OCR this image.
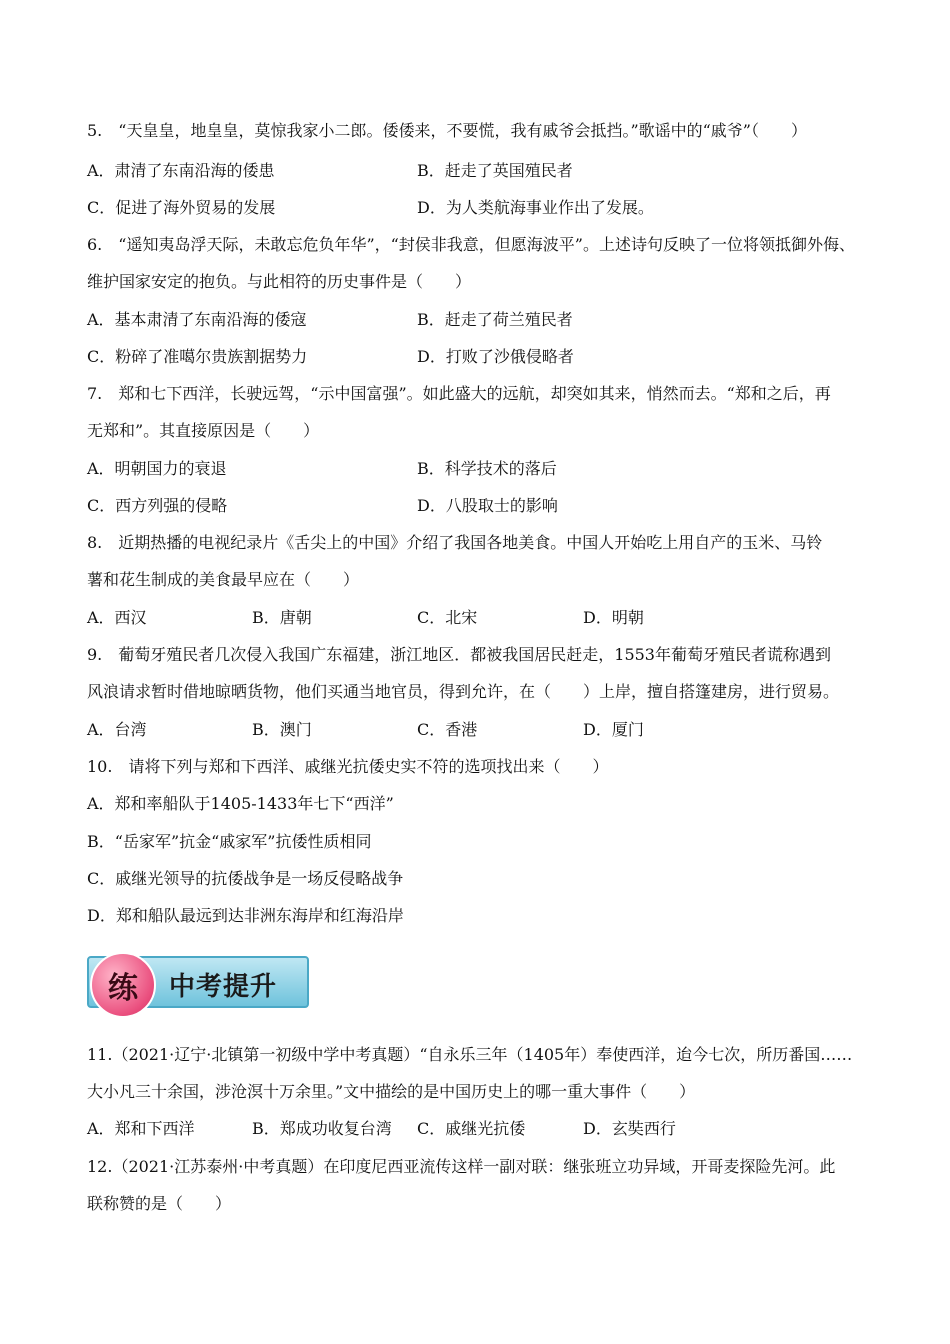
5.　“天皇皇，地皇皇，莫惊我家小二郎。倭倭来，不要慌，我有戚爷会抵挡。”歌谣中的“戚爷”（　　）
A．肃清了东南沿海的倭患	B．赶走了英国殖民者
C．促进了海外贸易的发展	D．为人类航海事业作出了发展。
6.　“遥知夷岛浮天际，未敢忘危负年华”，“封侯非我意，但愿海波平”。上述诗句反映了一位将领抵御外侮、
维护国家安定的抱负。与此相符的历史事件是（　　）
A．基本肃清了东南沿海的倭寇	B．赶走了荷兰殖民者
C．粉碎了准噶尔贵族割据势力	D．打败了沙俄侵略者
7.　郑和七下西洋，长驶远驾，“示中国富强”。如此盛大的远航，却突如其来，悄然而去。“郑和之后，再
无郑和”。其直接原因是（　　）
A．明朝国力的衰退	B．科学技术的落后
C．西方列强的侵略	D．八股取士的影响
8.　近期热播的电视纪录片《舌尖上的中国》介绍了我国各地美食。中国人开始吃上用自产的玉米、马铃
薯和花生制成的美食最早应在（　　）
A．西汉	B．唐朝	C．北宋	D．明朝
9.　葡萄牙殖民者几次侵入我国广东福建，浙江地区．都被我国居民赶走，1553年葡萄牙殖民者谎称遇到
风浪请求暂时借地晾晒货物，他们买通当地官员，得到允许，在（　　）上岸，擅自搭篷建房，进行贸易。
A．台湾	B．澳门	C．香港	D．厦门
10.　请将下列与郑和下西洋、戚继光抗倭史实不符的选项找出来（　　）
A．郑和率船队于1405-1433年七下“西洋”
B．“岳家军”抗金“戚家军”抗倭性质相同
C．戚继光领导的抗倭战争是一场反侵略战争
D．郑和船队最远到达非洲东海岸和红海沿岸
练 中考提升
11.（2021·辽宁·北镇第一初级中学中考真题）“自永乐三年（1405年）奉使西洋，迨今七次，所历番国……
大小凡三十余国，涉沧溟十万余里。”文中描绘的是中国历史上的哪一重大事件（　　）
A．郑和下西洋	B．郑成功收复台湾 C．戚继光抗倭	D．玄奘西行
12.（2021·江苏泰州·中考真题）在印度尼西亚流传这样一副对联：继张班立功异域，开哥麦探险先河。此
联称赞的是（　　）
